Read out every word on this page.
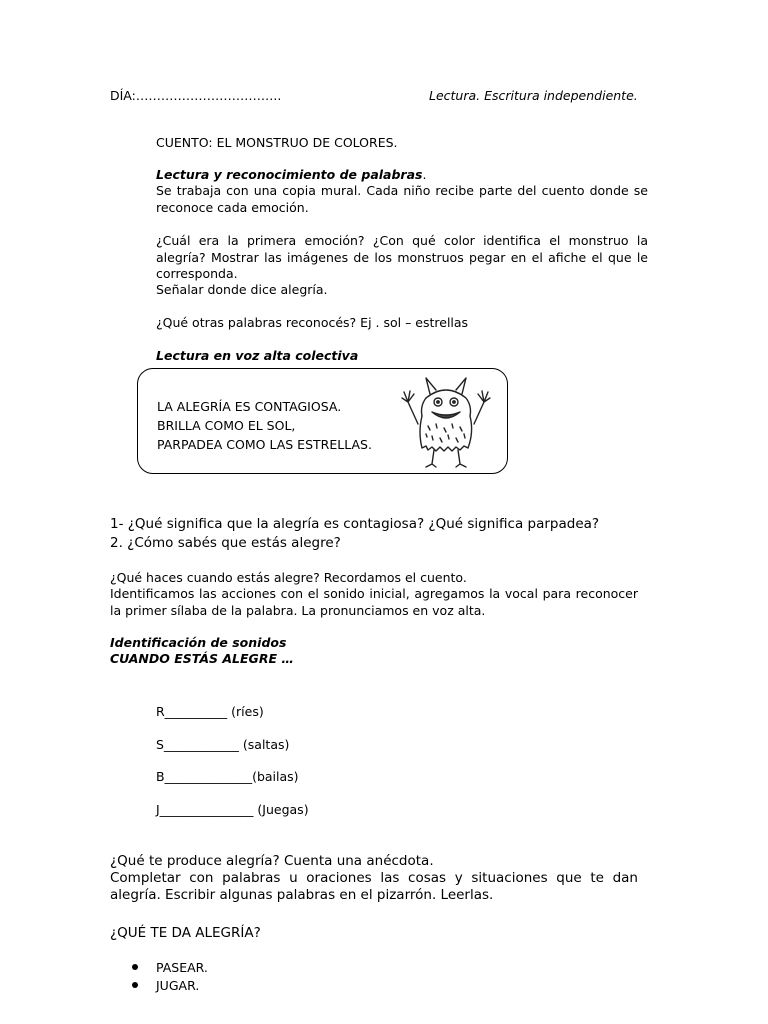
DÍA:……………………………..	Lectura. Escritura independiente.
CUENTO: EL MONSTRUO DE COLORES.
Lectura y reconocimiento de palabras.
Se trabaja con una copia mural. Cada niño recibe parte del cuento donde se reconoce cada emoción.
¿Cuál era la primera emoción? ¿Con qué color identifica el monstruo la alegría? Mostrar las imágenes de los monstruos pegar en el afiche el que le corresponda.
Señalar donde dice alegría.
¿Qué otras palabras reconocés? Ej . sol – estrellas
Lectura en voz alta colectiva
LA ALEGRÍA ES CONTAGIOSA.
BRILLA COMO EL SOL,
PARPADEA COMO LAS ESTRELLAS.
1- ¿Qué significa que la alegría es contagiosa? ¿Qué significa parpadea?
2. ¿Cómo sabés que estás alegre?
¿Qué haces cuando estás alegre? Recordamos el cuento.
Identificamos las acciones con el sonido inicial, agregamos la vocal para reconocer la primer sílaba de la palabra. La pronunciamos en voz alta.
Identificación de sonidos
CUANDO ESTÁS ALEGRE …
R__________ (ríes)
S____________ (saltas)
B______________(bailas)
J_______________ (Juegas)
¿Qué te produce alegría? Cuenta una anécdota.
Completar con palabras u oraciones las cosas y situaciones que te dan alegría. Escribir algunas palabras en el pizarrón. Leerlas.
¿QUÉ TE DA ALEGRÍA?
PASEAR.
JUGAR.
